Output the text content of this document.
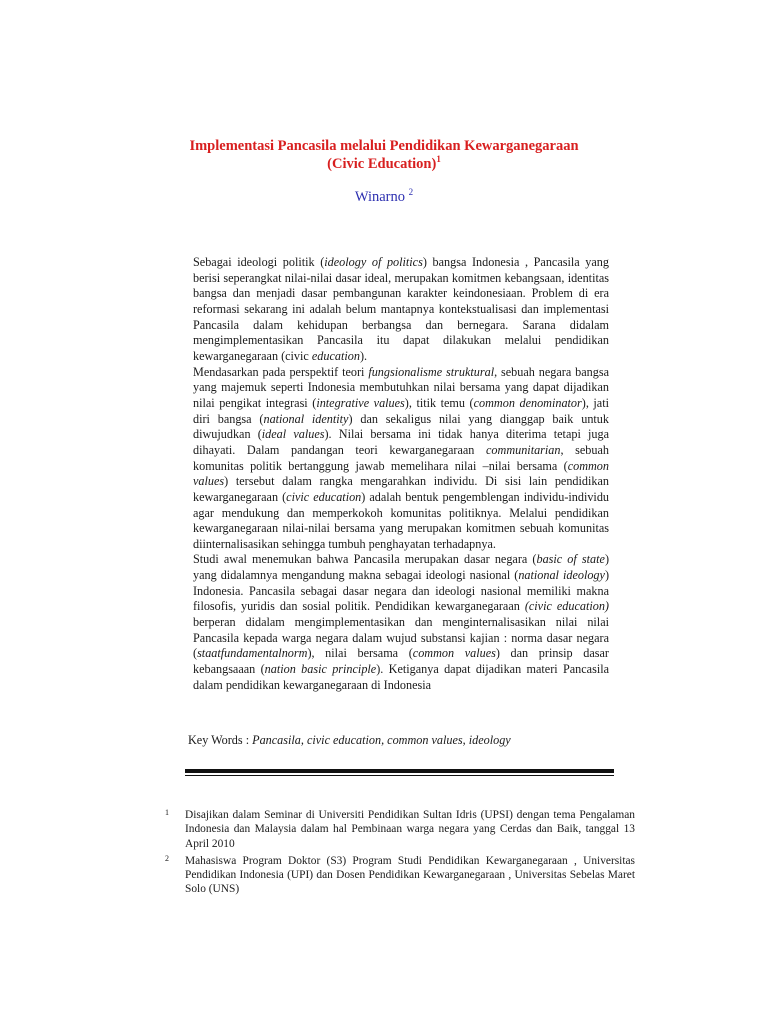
Implementasi Pancasila melalui Pendidikan Kewarganegaraan
(Civic Education)$^1$
Winarno $^2$

Sebagai ideologi politik (ideology of politics) bangsa Indonesia , Pancasila yang berisi seperangkat nilai-nilai dasar ideal, merupakan komitmen kebangsaan, identitas bangsa dan menjadi dasar pembangunan karakter keindonesiaan. Problem di era reformasi sekarang ini adalah belum mantapnya kontekstualisasi dan implementasi Pancasila dalam kehidupan berbangsa dan bernegara. Sarana didalam mengimplementasikan Pancasila itu dapat dilakukan melalui pendidikan kewarganegaraan (civic education).

Mendasarkan pada perspektif teori fungsionalisme struktural, sebuah negara bangsa yang majemuk seperti Indonesia membutuhkan nilai bersama yang dapat dijadikan nilai pengikat integrasi (integrative values), titik temu (common denominator), jati diri bangsa (national identity) dan sekaligus nilai yang dianggap baik untuk diwujudkan (ideal values). Nilai bersama ini tidak hanya diterima tetapi juga dihayati. Dalam pandangan teori kewarganegaraan communitarian, sebuah komunitas politik bertanggung jawab memelihara nilai –nilai bersama (common values) tersebut dalam rangka mengarahkan individu. Di sisi lain pendidikan kewarganegaraan (civic education) adalah bentuk pengemblengan individu-individu agar mendukung dan memperkokoh komunitas politiknya. Melalui pendidikan kewarganegaraan nilai-nilai bersama yang merupakan komitmen sebuah komunitas diinternalisasikan sehingga tumbuh penghayatan terhadapnya.

Studi awal menemukan bahwa Pancasila merupakan dasar negara (basic of state) yang didalamnya mengandung makna sebagai ideologi nasional (national ideology) Indonesia. Pancasila sebagai dasar negara dan ideologi nasional memiliki makna filosofis, yuridis dan sosial politik. Pendidikan kewarganegaraan (civic education) berperan didalam mengimplementasikan dan menginternalisasikan nilai nilai Pancasila kepada warga negara dalam wujud substansi kajian : norma dasar negara (staatfundamentalnorm), nilai bersama (common values) dan prinsip dasar kebangsaaan (nation basic principle). Ketiganya dapat dijadikan materi Pancasila dalam pendidikan kewarganegaraan di Indonesia

Key Words : Pancasila, civic education, common values, ideology
1 Disajikan dalam Seminar di Universiti Pendidikan Sultan Idris (UPSI) dengan tema Pengalaman Indonesia dan Malaysia dalam hal Pembinaan warga negara yang Cerdas dan Baik, tanggal 13 April 2010
2 Mahasiswa Program Doktor (S3) Program Studi Pendidikan Kewarganegaraan , Universitas Pendidikan Indonesia (UPI) dan Dosen Pendidikan Kewarganegaraan , Universitas Sebelas Maret Solo (UNS)
